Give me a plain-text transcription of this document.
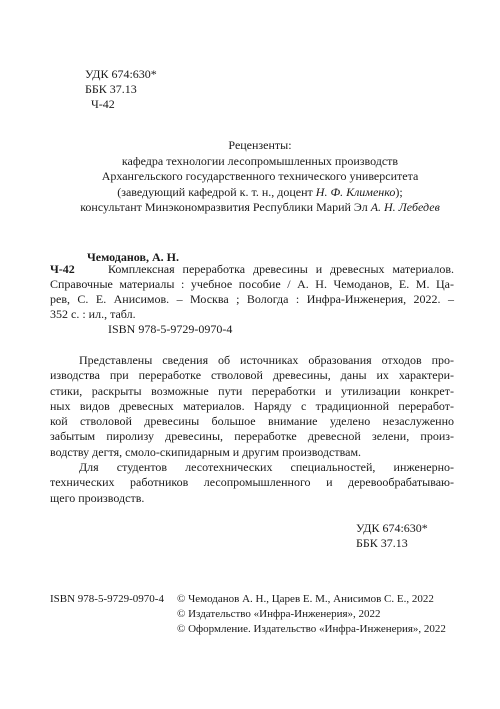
УДК 674:630*
ББК 37.13
Ч-42
Рецензенты:
кафедра технологии лесопромышленных производств
Архангельского государственного технического университета
(заведующий кафедрой к. т. н., доцент Н. Ф. Клименко);
консультант Минэкономразвития Республики Марий Эл А. Н. Лебедев
Чемоданов, А. Н.
Ч-42	Комплексная переработка древесины и древесных материалов.
Справочные материалы : учебное пособие / А. Н. Чемоданов, Е. М. Ца-
рев, С. Е. Анисимов. – Москва ; Вологда : Инфра-Инженерия, 2022. –
352 с. : ил., табл.
ISBN 978-5-9729-0970-4
Представлены сведения об источниках образования отходов про-
изводства при переработке стволовой древесины, даны их характери-
стики, раскрыты возможные пути переработки и утилизации конкрет-
ных видов древесных материалов. Наряду с традиционной переработ-
кой стволовой древесины большое внимание уделено незаслуженно
забытым пиролизу древесины, переработке древесной зелени, произ-
водству дегтя, смоло-скипидарным и другим производствам.
Для студентов лесотехнических специальностей, инженерно-
технических работников лесопромышленного и деревообрабатываю-
щего производств.
УДК 674:630*
ББК 37.13
ISBN 978-5-9729-0970-4 © Чемоданов А. Н., Царев Е. М., Анисимов С. Е., 2022
© Издательство «Инфра-Инженерия», 2022
© Оформление. Издательство «Инфра-Инженерия», 2022
